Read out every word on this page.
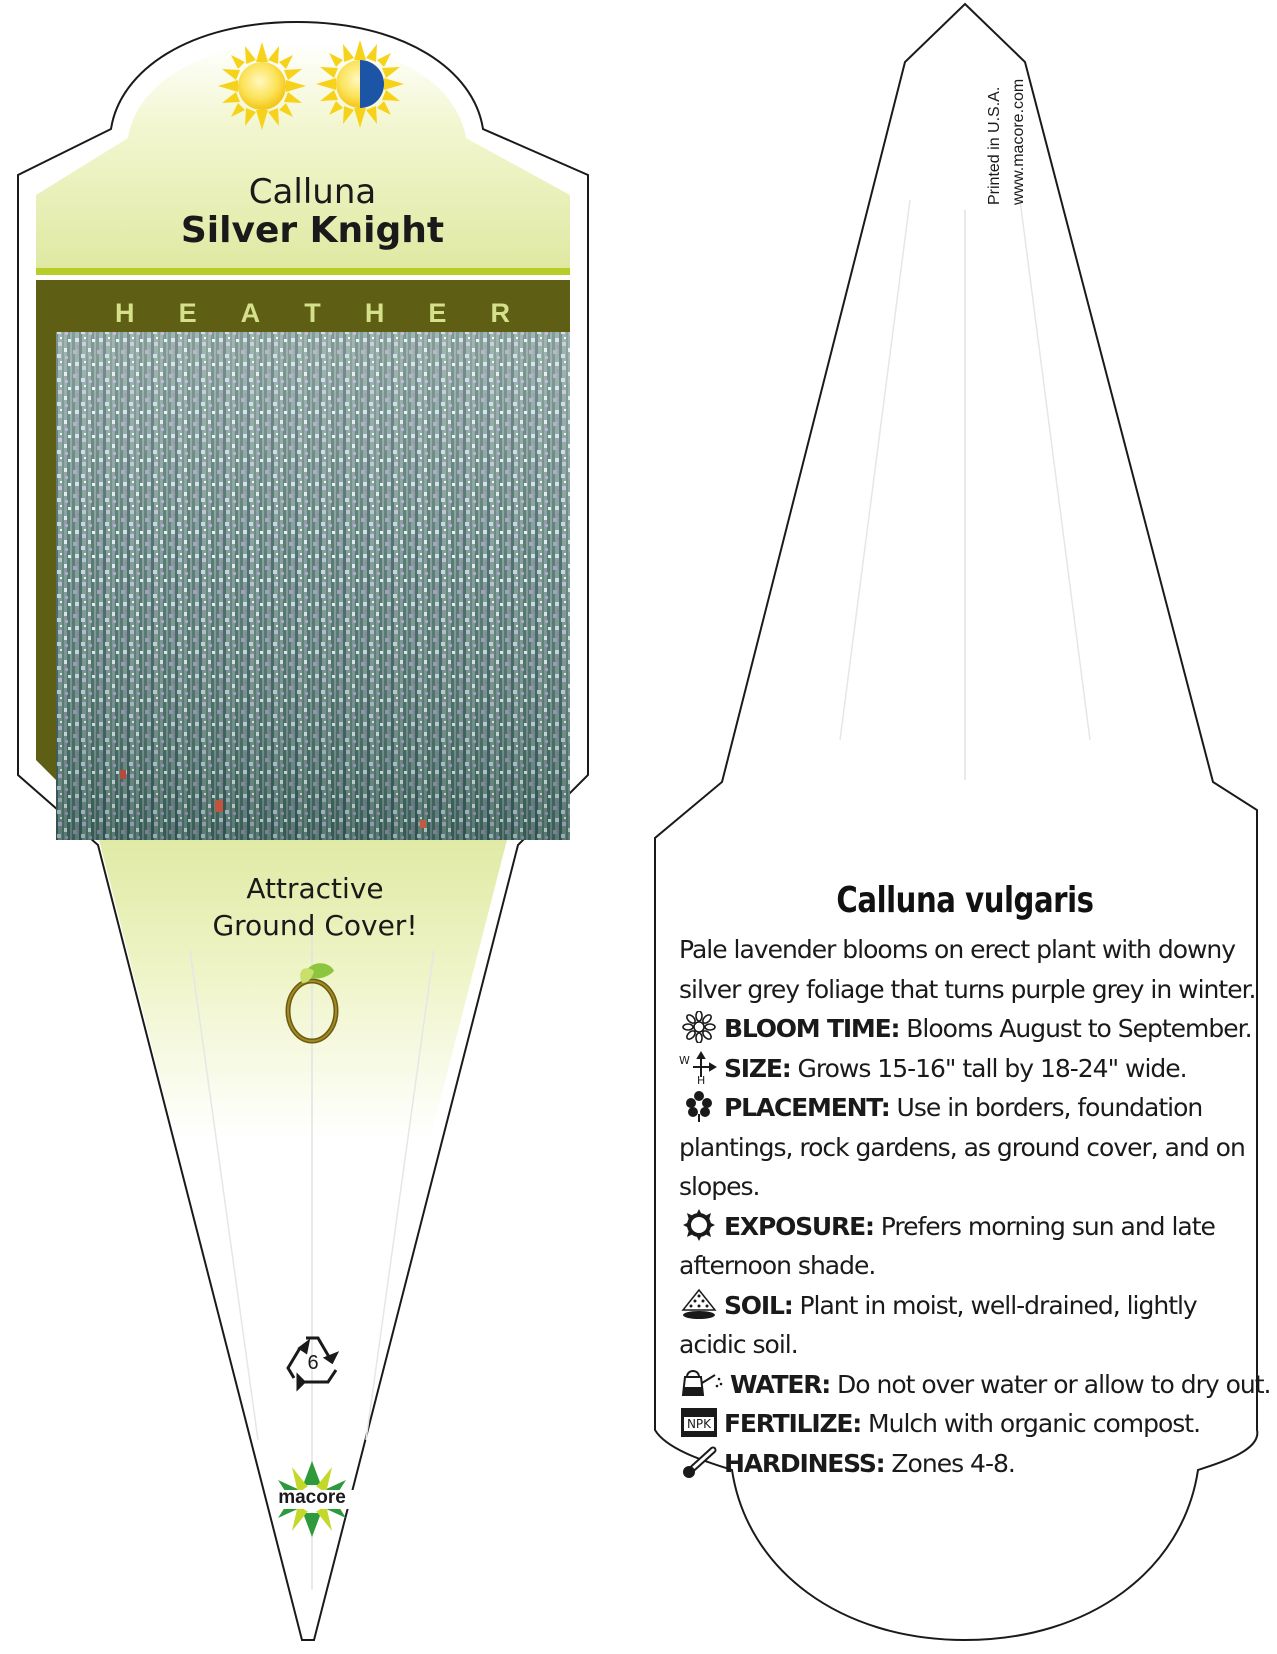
Calluna
Silver Knight
H E A T H E R
Attractive
Ground Cover!
6
macore
Printed in U.S.A. www.macore.com
Calluna vulgaris
Pale lavender blooms on erect plant with downy silver grey foliage that turns purple grey in winter.
BLOOM TIME: Blooms August to September.
W
H SIZE: Grows 15-16" tall by 18-24" wide.
PLACEMENT: Use in borders, foundation plantings, rock gardens, as ground cover, and on slopes.
EXPOSURE: Prefers morning sun and late afternoon shade.
SOIL: Plant in moist, well-drained, lightly acidic soil.
WATER: Do not over water or allow to dry out.
NPK FERTILIZE: Mulch with organic compost.
HARDINESS: Zones 4-8.
